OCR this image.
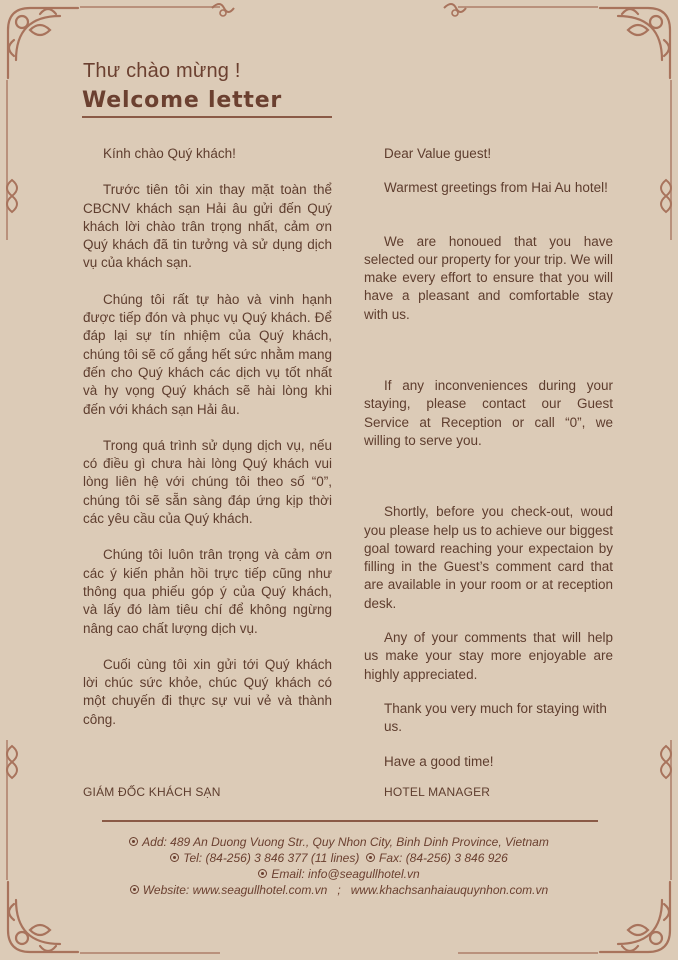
Thư chào mừng !
Welcome letter

Kính chào Quý khách!

Trước tiên tôi xin thay mặt toàn thể CBCNV khách sạn Hải âu gửi đến Quý khách lời chào trân trọng nhất, cảm ơn Quý khách đã tin tưởng và sử dụng dịch vụ của khách sạn.

Chúng tôi rất tự hào và vinh hạnh được tiếp đón và phục vụ Quý khách. Để đáp lại sự tín nhiệm của Quý khách, chúng tôi sẽ cố gắng hết sức nhằm mang đến cho Quý khách các dịch vụ tốt nhất và hy vọng Quý khách sẽ hài lòng khi đến với khách sạn Hải âu.

Trong quá trình sử dụng dịch vụ, nếu có điều gì chưa hài lòng Quý khách vui lòng liên hệ với chúng tôi theo số “0”, chúng tôi sẽ sẵn sàng đáp ứng kịp thời các yêu cầu của Quý khách.

Chúng tôi luôn trân trọng và cảm ơn các ý kiến phản hồi trực tiếp cũng như thông qua phiếu góp ý của Quý khách, và lấy đó làm tiêu chí để không ngừng nâng cao chất lượng dịch vụ.

Cuối cùng tôi xin gửi tới Quý khách lời chúc sức khỏe, chúc Quý khách có một chuyến đi thực sự vui vẻ và thành công.

Dear Value guest!

Warmest greetings from Hai Au hotel!

We are honoued that you have selected our property for your trip. We will make every effort to ensure that you will have a pleasant and comfortable stay with us.

If any inconveniences during your staying, please contact our Guest Service at Reception or call “0”, we willing to serve you.

Shortly, before you check-out, woud you please help us to achieve our biggest goal toward reaching your expectaion by filling in the Guest’s comment card that are available in your room or at reception desk.

Any of your comments that will help us make your stay more enjoyable are highly appreciated.

Thank you very much for staying with us.

Have a good time!

GIÁM ĐỐC KHÁCH SẠN	HOTEL MANAGER
Add: 489 An Duong Vuong Str., Quy Nhon City, Binh Dinh Province, Vietnam
Tel: (84-256) 3 846 377 (11 lines) Fax: (84-256) 3 846 926
Email: info@seagullhotel.vn
Website: www.seagullhotel.com.vn ; www.khachsanhaiauquynhon.com.vn
